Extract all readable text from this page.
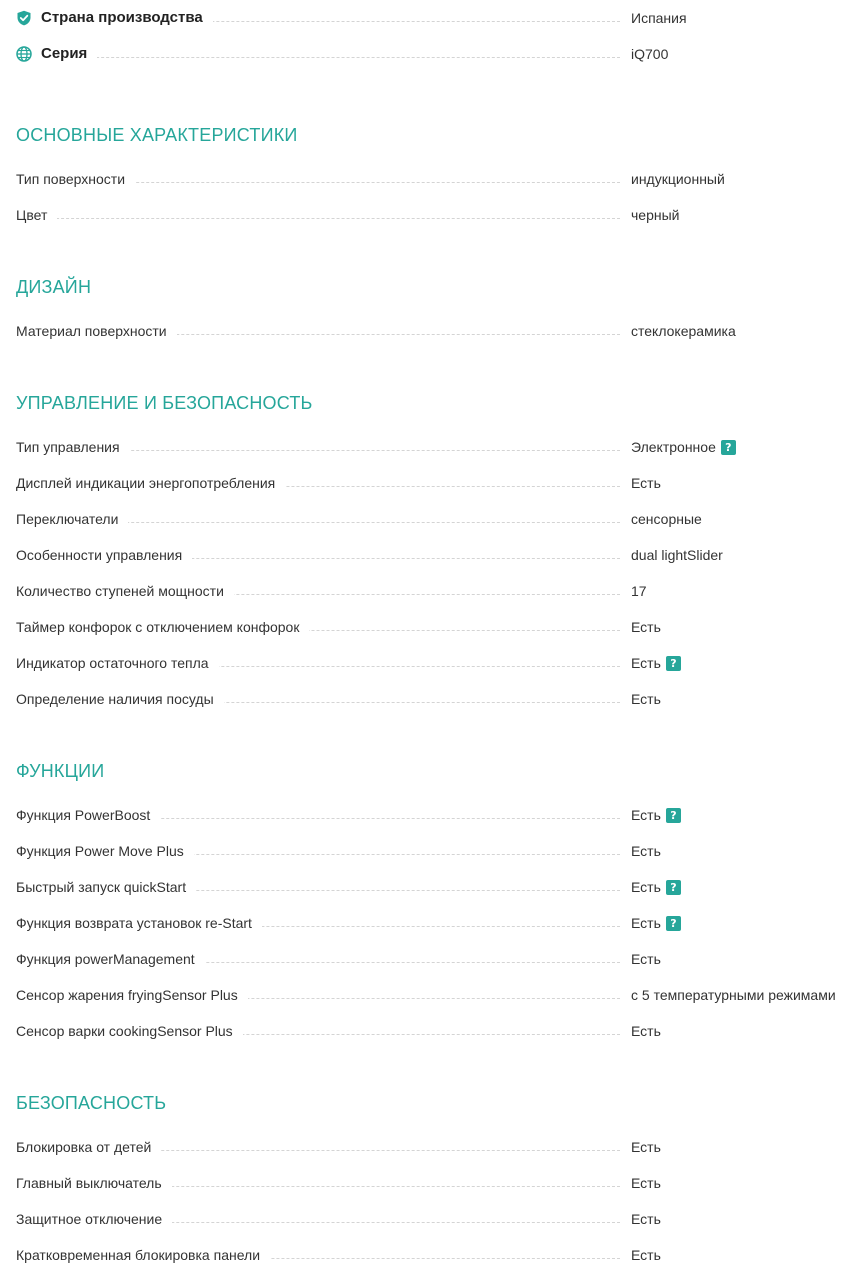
Страна производства	Испания
Серия	iQ700
ОСНОВНЫЕ ХАРАКТЕРИСТИКИ
Тип поверхности	индукционный
Цвет	черный
ДИЗАЙН
Материал поверхности	стеклокерамика
УПРАВЛЕНИЕ И БЕЗОПАСНОСТЬ
Тип управления	Электронное ?
Дисплей индикации энергопотребления	Есть
Переключатели	сенсорные
Особенности управления	dual lightSlider
Количество ступеней мощности	17
Таймер конфорок с отключением конфорок	Есть
Индикатор остаточного тепла	Есть ?
Определение наличия посуды	Есть
ФУНКЦИИ
Функция PowerBoost	Есть ?
Функция Power Move Plus	Есть
Быстрый запуск quickStart	Есть ?
Функция возврата установок re-Start	Есть ?
Функция powerManagement	Есть
Сенсор жарения fryingSensor Plus	с 5 температурными режимами
Сенсор варки cookingSensor Plus	Есть
БЕЗОПАСНОСТЬ
Блокировка от детей	Есть
Главный выключатель	Есть
Защитное отключение	Есть
Кратковременная блокировка панели	Есть
